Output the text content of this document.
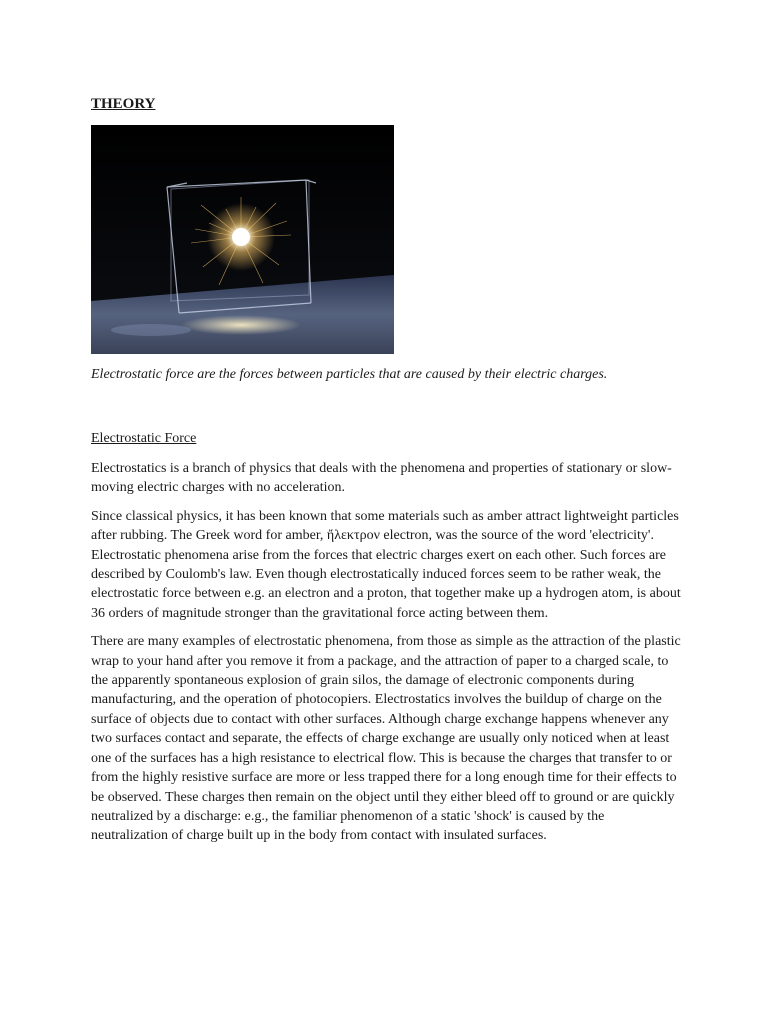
THEORY
Electrostatic force are the forces between particles that are caused by their electric charges.
Electrostatic Force

Electrostatics is a branch of physics that deals with the phenomena and properties of stationary or slow-moving electric charges with no acceleration.

Since classical physics, it has been known that some materials such as amber attract lightweight particles after rubbing. The Greek word for amber, ἤλεκτρον electron, was the source of the word 'electricity'. Electrostatic phenomena arise from the forces that electric charges exert on each other. Such forces are described by Coulomb's law. Even though electrostatically induced forces seem to be rather weak, the electrostatic force between e.g. an electron and a proton, that together make up a hydrogen atom, is about 36 orders of magnitude stronger than the gravitational force acting between them.

There are many examples of electrostatic phenomena, from those as simple as the attraction of the plastic wrap to your hand after you remove it from a package, and the attraction of paper to a charged scale, to the apparently spontaneous explosion of grain silos, the damage of electronic components during manufacturing, and the operation of photocopiers. Electrostatics involves the buildup of charge on the surface of objects due to contact with other surfaces. Although charge exchange happens whenever any two surfaces contact and separate, the effects of charge exchange are usually only noticed when at least one of the surfaces has a high resistance to electrical flow. This is because the charges that transfer to or from the highly resistive surface are more or less trapped there for a long enough time for their effects to be observed. These charges then remain on the object until they either bleed off to ground or are quickly neutralized by a discharge: e.g., the familiar phenomenon of a static 'shock' is caused by the neutralization of charge built up in the body from contact with insulated surfaces.
